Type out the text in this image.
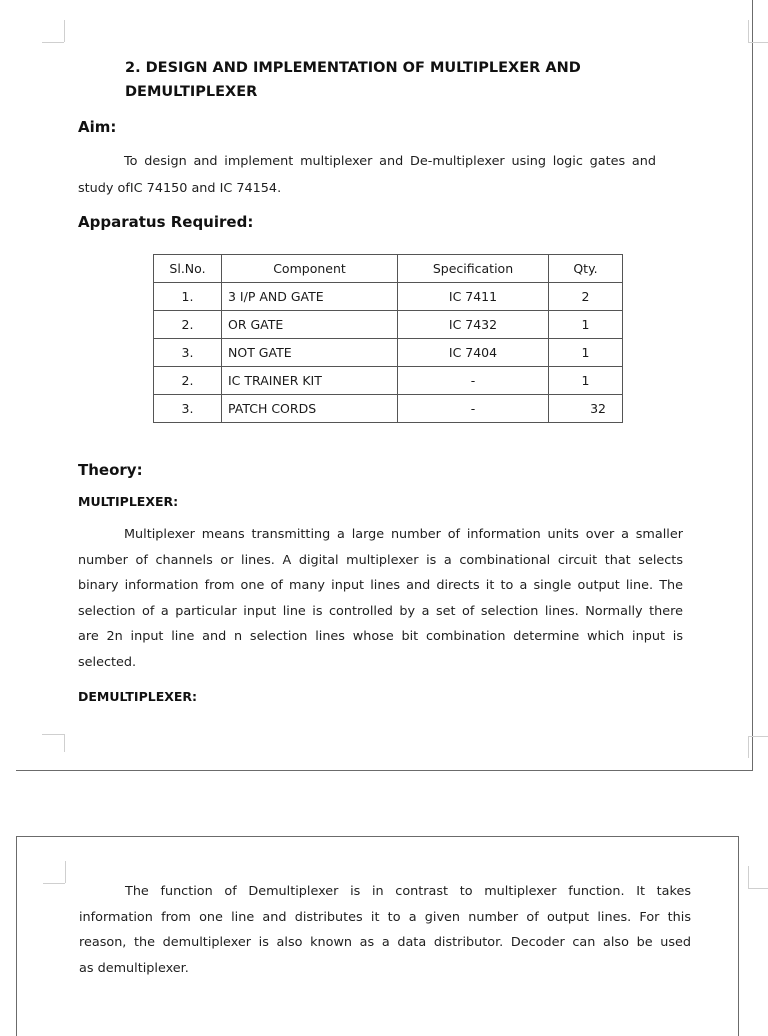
2. DESIGN AND IMPLEMENTATION OF MULTIPLEXER AND
DEMULTIPLEXER
Aim:
To design and implement multiplexer and De-multiplexer using logic gates and
study ofIC 74150 and IC 74154.
Apparatus Required:
Sl.No.	Component	Specification	Qty.
1.	3 I/P AND GATE	IC 7411	2
2.	OR GATE	IC 7432	1
3.	NOT GATE	IC 7404	1
2.	IC TRAINER KIT	-	1
3.	PATCH CORDS	-	32
Theory:
MULTIPLEXER:
Multiplexer means transmitting a large number of information units over a smaller
number of channels or lines. A digital multiplexer is a combinational circuit that selects
binary information from one of many input lines and directs it to a single output line. The
selection of a particular input line is controlled by a set of selection lines. Normally there
are 2n input line and n selection lines whose bit combination determine which input is
selected.
DEMULTIPLEXER:
The function of Demultiplexer is in contrast to multiplexer function. It takes
information from one line and distributes it to a given number of output lines. For this
reason, the demultiplexer is also known as a data distributor. Decoder can also be used
as demultiplexer.
